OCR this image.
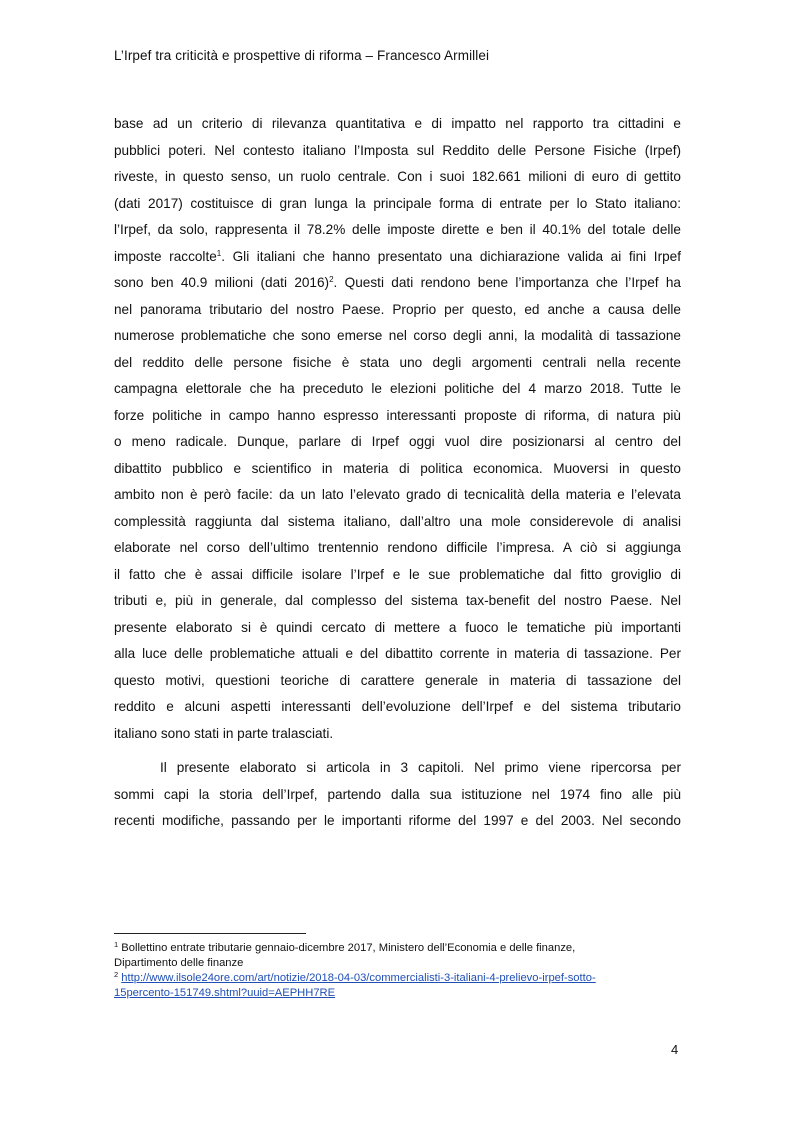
L’Irpef tra criticità e prospettive di riforma – Francesco Armillei
base ad un criterio di rilevanza quantitativa e di impatto nel rapporto tra cittadini e
pubblici poteri. Nel contesto italiano l’Imposta sul Reddito delle Persone Fisiche (Irpef)
riveste, in questo senso, un ruolo centrale. Con i suoi 182.661 milioni di euro di gettito
(dati 2017) costituisce di gran lunga la principale forma di entrate per lo Stato italiano:
l’Irpef, da solo, rappresenta il 78.2% delle imposte dirette e ben il 40.1% del totale delle
imposte raccolte$^1$. Gli italiani che hanno presentato una dichiarazione valida ai fini Irpef
sono ben 40.9 milioni (dati 2016)$^2$. Questi dati rendono bene l’importanza che l’Irpef ha
nel panorama tributario del nostro Paese. Proprio per questo, ed anche a causa delle
numerose problematiche che sono emerse nel corso degli anni, la modalità di tassazione
del reddito delle persone fisiche è stata uno degli argomenti centrali nella recente
campagna elettorale che ha preceduto le elezioni politiche del 4 marzo 2018. Tutte le
forze politiche in campo hanno espresso interessanti proposte di riforma, di natura più
o meno radicale. Dunque, parlare di Irpef oggi vuol dire posizionarsi al centro del
dibattito pubblico e scientifico in materia di politica economica. Muoversi in questo
ambito non è però facile: da un lato l’elevato grado di tecnicalità della materia e l’elevata
complessità raggiunta dal sistema italiano, dall’altro una mole considerevole di analisi
elaborate nel corso dell’ultimo trentennio rendono difficile l’impresa. A ciò si aggiunga
il fatto che è assai difficile isolare l’Irpef e le sue problematiche dal fitto groviglio di
tributi e, più in generale, dal complesso del sistema tax-benefit del nostro Paese. Nel
presente elaborato si è quindi cercato di mettere a fuoco le tematiche più importanti
alla luce delle problematiche attuali e del dibattito corrente in materia di tassazione. Per
questo motivi, questioni teoriche di carattere generale in materia di tassazione del
reddito e alcuni aspetti interessanti dell’evoluzione dell’Irpef e del sistema tributario
italiano sono stati in parte tralasciati.
Il presente elaborato si articola in 3 capitoli. Nel primo viene ripercorsa per
sommi capi la storia dell’Irpef, partendo dalla sua istituzione nel 1974 fino alle più
recenti modifiche, passando per le importanti riforme del 1997 e del 2003. Nel secondo
$^1$ Bollettino entrate tributarie gennaio-dicembre 2017, Ministero dell’Economia e delle finanze,
Dipartimento delle finanze
$^2$ http://www.ilsole24ore.com/art/notizie/2018-04-03/commercialisti-3-italiani-4-prelievo-irpef-sotto-
15percento-151749.shtml?uuid=AEPHH7RE
4
